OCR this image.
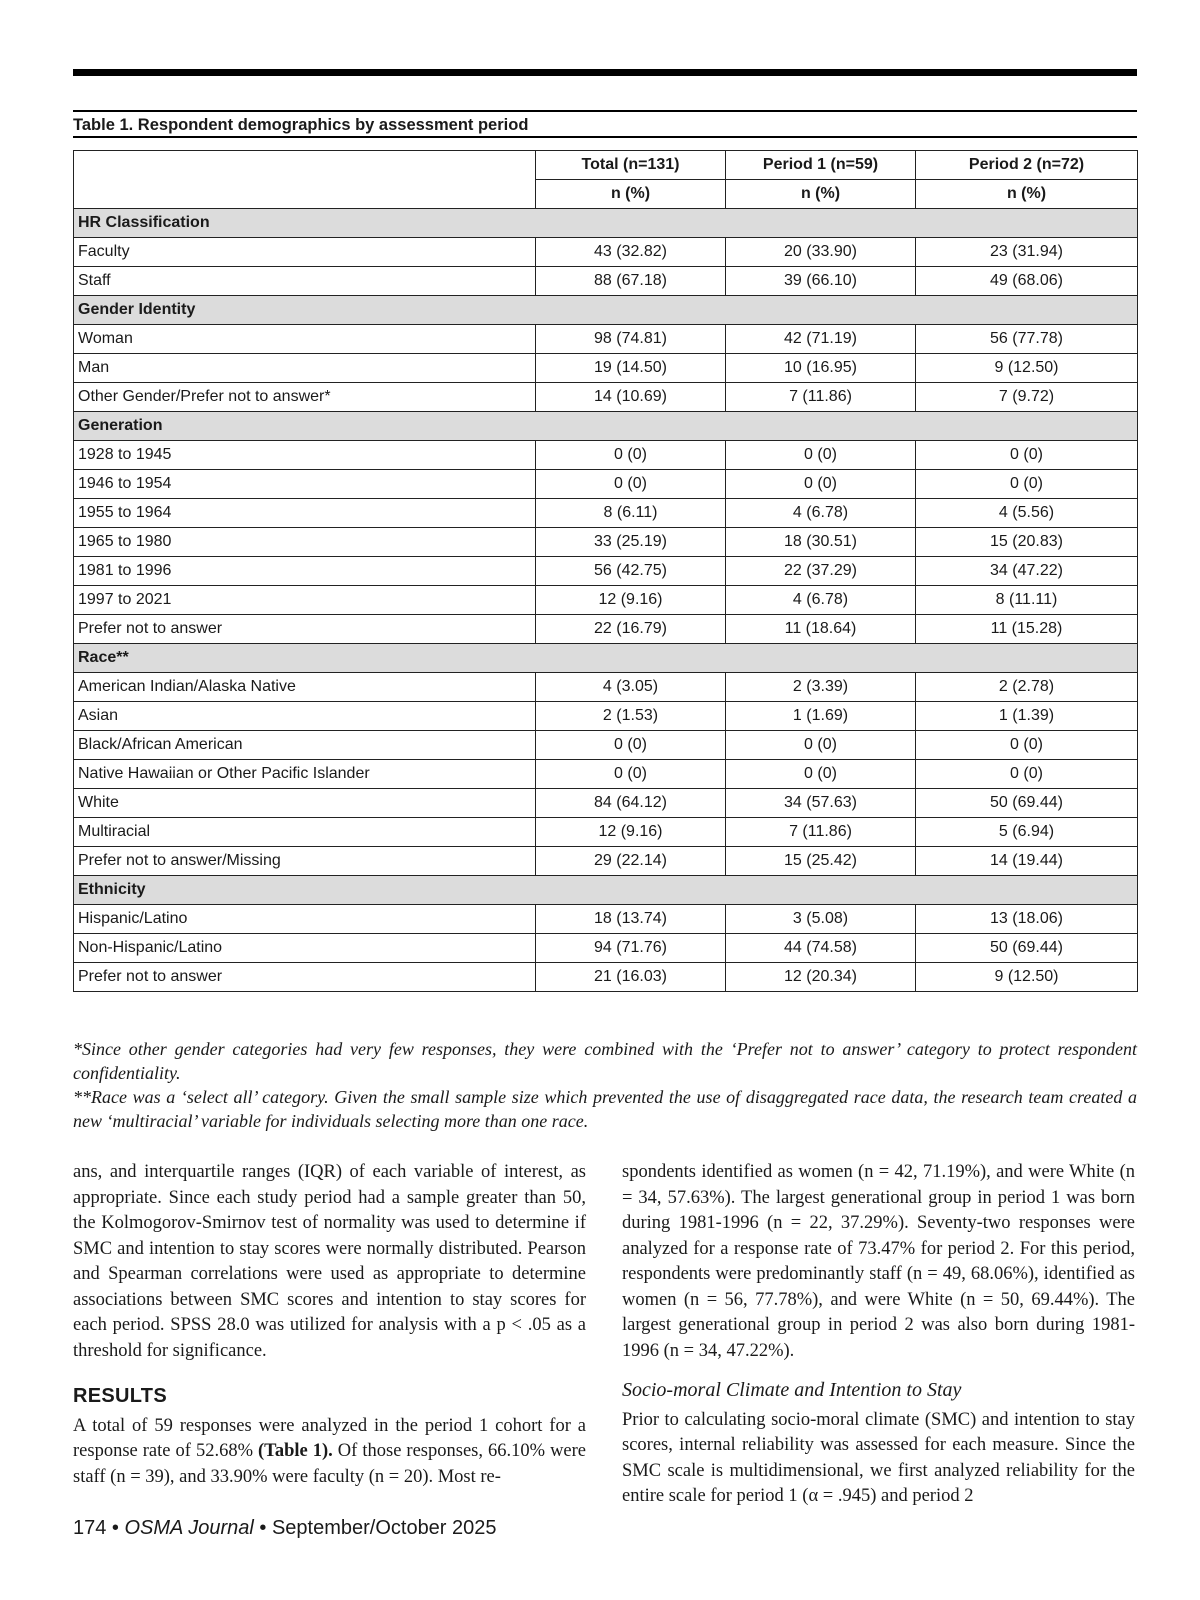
Table 1. Respondent demographics by assessment period
	Total (n=131)	Period 1 (n=59)	Period 2 (n=72)
	n (%)	n (%)	n (%)
HR Classification			
Faculty	43 (32.82)	20 (33.90)	23 (31.94)
Staff	88 (67.18)	39 (66.10)	49 (68.06)
Gender Identity			
Woman	98 (74.81)	42 (71.19)	56 (77.78)
Man	19 (14.50)	10 (16.95)	9 (12.50)
Other Gender/Prefer not to answer*	14 (10.69)	7 (11.86)	7 (9.72)
Generation			
1928 to 1945	0 (0)	0 (0)	0 (0)
1946 to 1954	0 (0)	0 (0)	0 (0)
1955 to 1964	8 (6.11)	4 (6.78)	4 (5.56)
1965 to 1980	33 (25.19)	18 (30.51)	15 (20.83)
1981 to 1996	56 (42.75)	22 (37.29)	34 (47.22)
1997 to 2021	12 (9.16)	4 (6.78)	8 (11.11)
Prefer not to answer	22 (16.79)	11 (18.64)	11 (15.28)
Race**			
American Indian/Alaska Native	4 (3.05)	2 (3.39)	2 (2.78)
Asian	2 (1.53)	1 (1.69)	1 (1.39)
Black/African American	0 (0)	0 (0)	0 (0)
Native Hawaiian or Other Pacific Islander	0 (0)	0 (0)	0 (0)
White	84 (64.12)	34 (57.63)	50 (69.44)
Multiracial	12 (9.16)	7 (11.86)	5 (6.94)
Prefer not to answer/Missing	29 (22.14)	15 (25.42)	14 (19.44)
Ethnicity			
Hispanic/Latino	18 (13.74)	3 (5.08)	13 (18.06)
Non-Hispanic/Latino	94 (71.76)	44 (74.58)	50 (69.44)
Prefer not to answer	21 (16.03)	12 (20.34)	9 (12.50)

*Since other gender categories had very few responses, they were combined with the ‘Prefer not to answer’ category to protect respondent confidentiality.

**Race was a ‘select all’ category. Given the small sample size which prevented the use of disaggregated race data, the research team created a new ‘multiracial’ variable for individuals selecting more than one race.

ans, and interquartile ranges (IQR) of each variable of interest, as appropriate. Since each study period had a sample greater than 50, the Kolmogorov-Smirnov test of normality was used to determine if SMC and intention to stay scores were normally distributed. Pearson and Spearman correlations were used as appropriate to determine associations between SMC scores and intention to stay scores for each period. SPSS 28.0 was utilized for analysis with a p < .05 as a threshold for significance.

RESULTS

A total of 59 responses were analyzed in the period 1 cohort for a response rate of 52.68% (Table 1). Of those responses, 66.10% were staff (n = 39), and 33.90% were faculty (n = 20). Most re-

spondents identified as women (n = 42, 71.19%), and were White (n = 34, 57.63%). The largest generational group in period 1 was born during 1981-1996 (n = 22, 37.29%). Seventy-two responses were analyzed for a response rate of 73.47% for period 2. For this period, respondents were predominantly staff (n = 49, 68.06%), identified as women (n = 56, 77.78%), and were White (n = 50, 69.44%). The largest generational group in period 2 was also born during 1981-1996 (n = 34, 47.22%).

Socio-moral Climate and Intention to Stay

Prior to calculating socio-moral climate (SMC) and intention to stay scores, internal reliability was assessed for each measure. Since the SMC scale is multidimensional, we first analyzed reliability for the entire scale for period 1 (α = .945) and period 2

174 • OSMA Journal • September/October 2025
